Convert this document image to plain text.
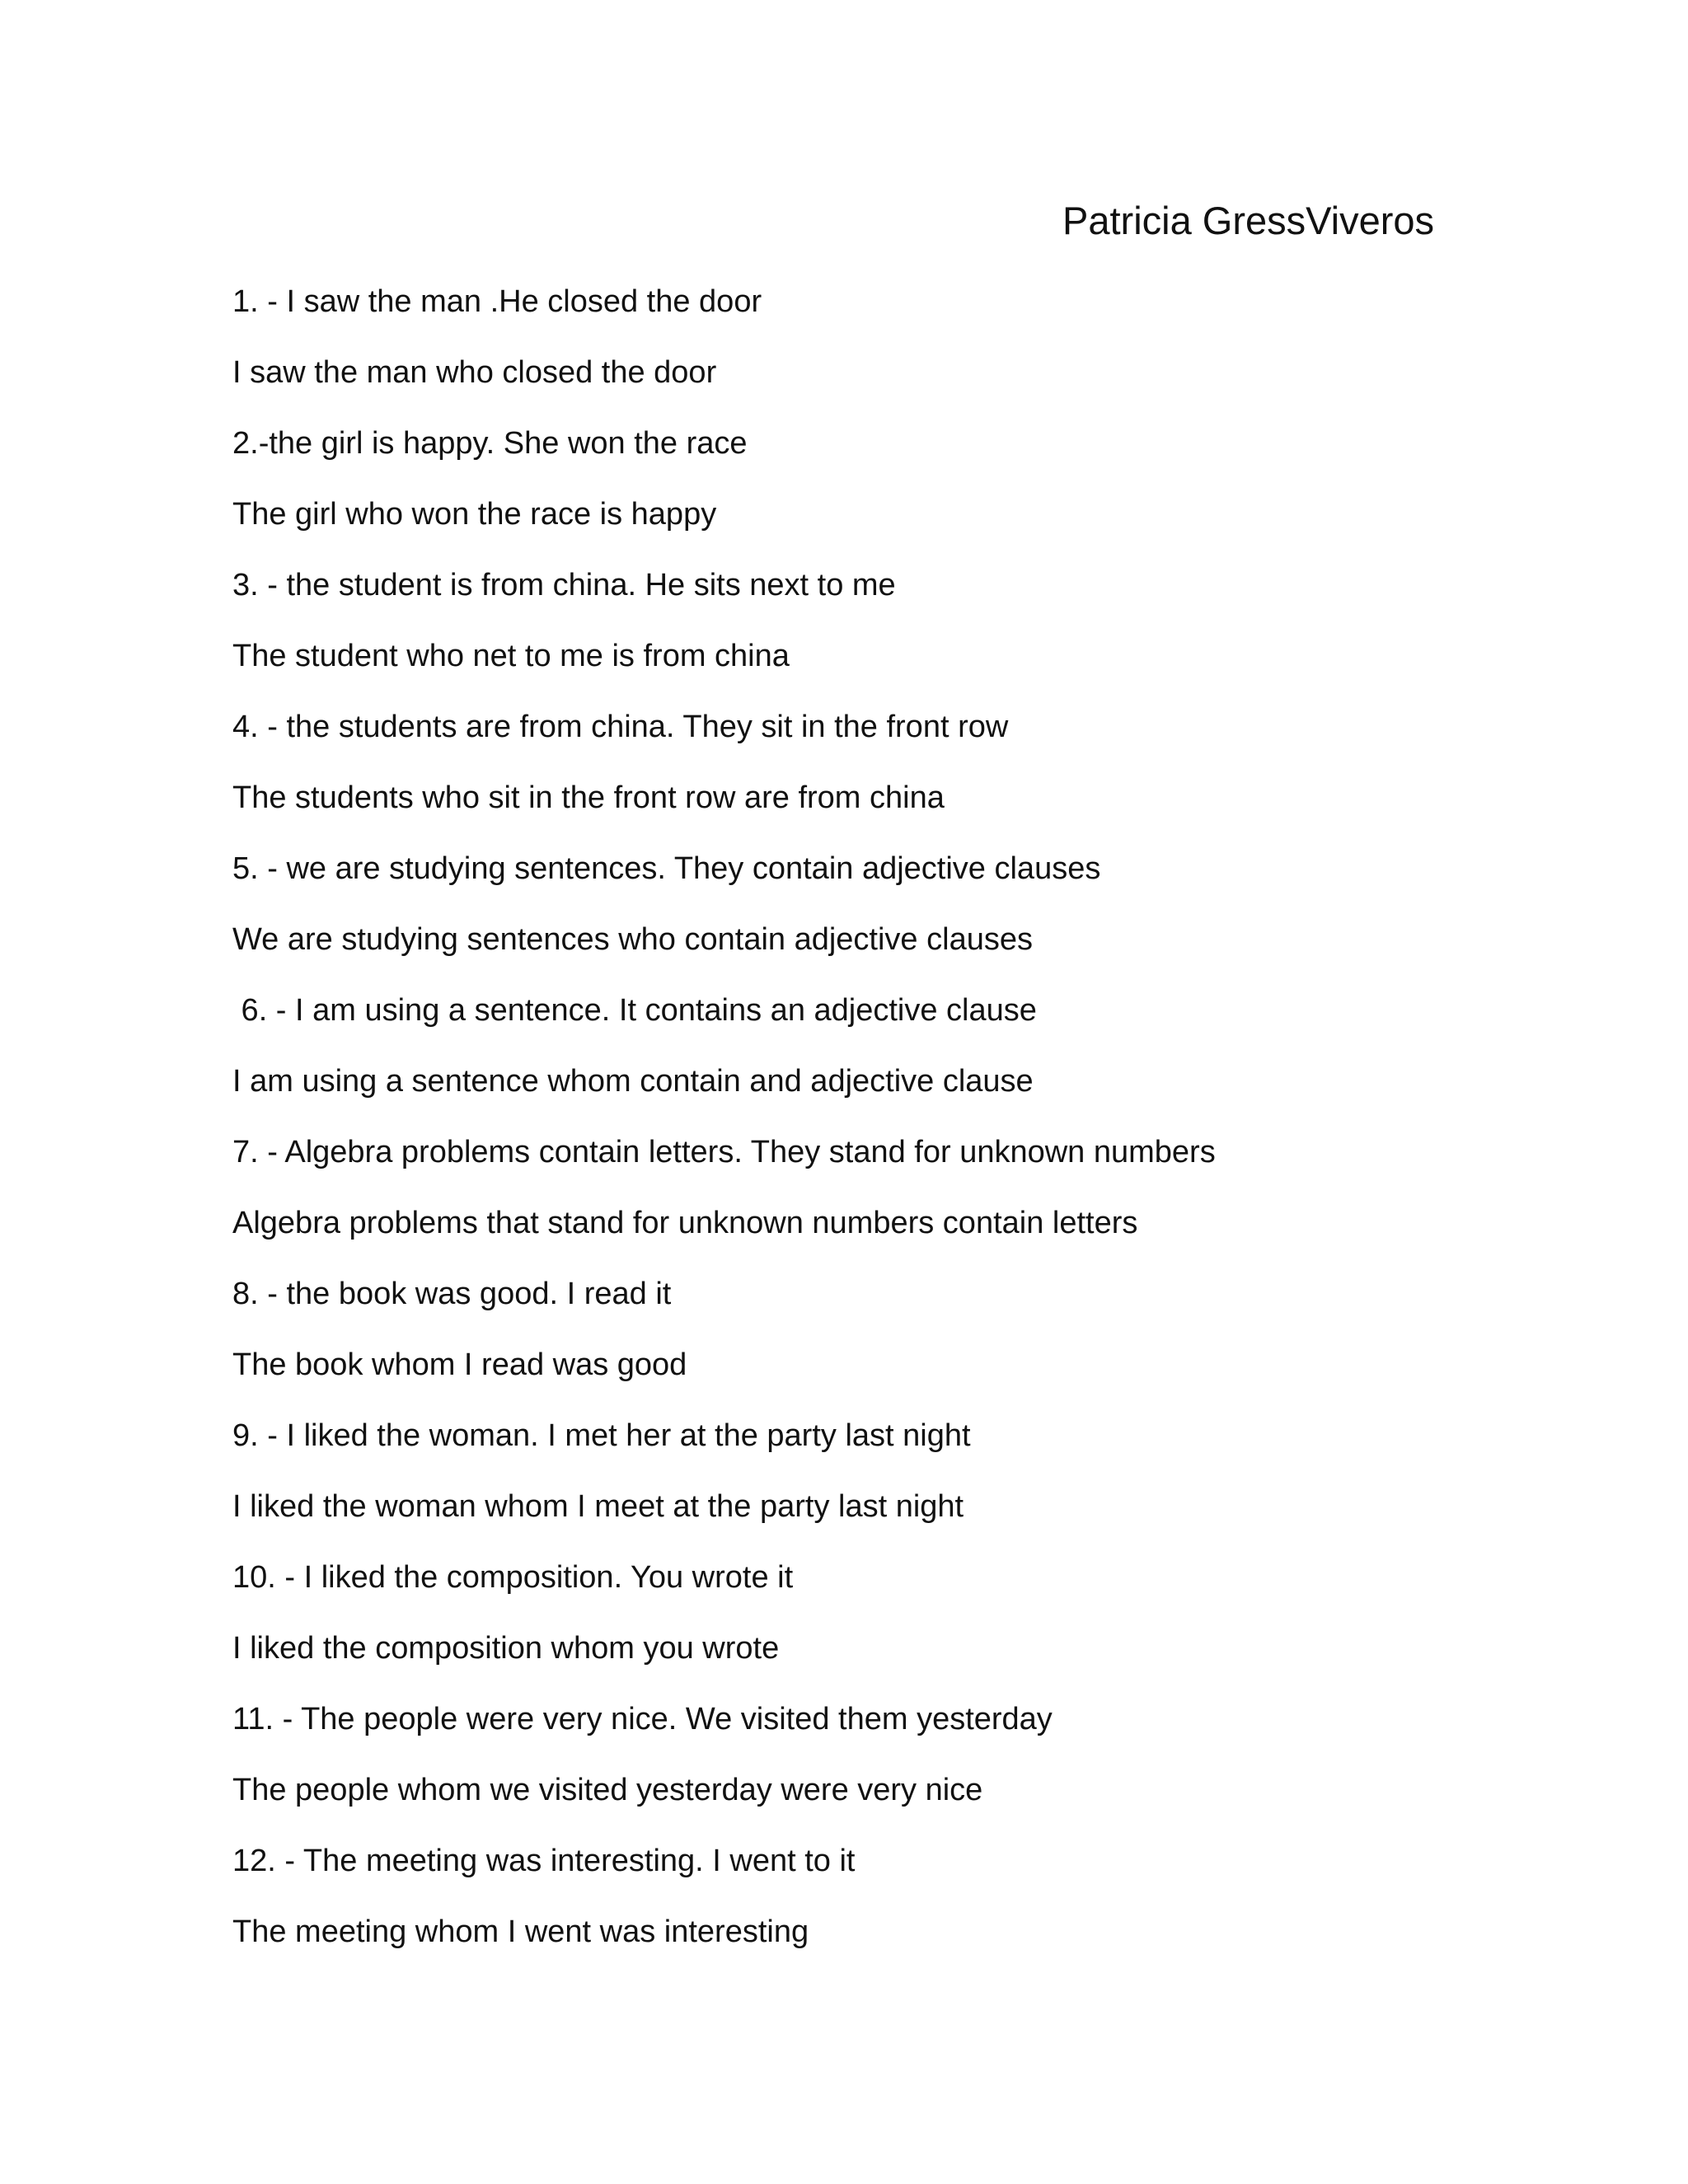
Patricia GressViveros
1. - I saw the man .He closed the door
I saw the man who closed the door
2.-the girl is happy. She won the race
The girl who won the race is happy
3. - the student is from china. He sits next to me
The student who net to me is from china
4. - the students are from china. They sit in the front row
The students who sit in the front row are from china
5. - we are studying sentences. They contain adjective clauses
We are studying sentences who contain adjective clauses
6. - I am using a sentence. It contains an adjective clause
I am using a sentence whom contain and adjective clause
7. - Algebra problems contain letters. They stand for unknown numbers
Algebra problems that stand for unknown numbers contain letters
8. - the book was good. I read it
The book whom I read was good
9. - I liked the woman. I met her at the party last night
I liked the woman whom I meet at the party last night
10. - I liked the composition. You wrote it
I liked the composition whom you wrote
11. - The people were very nice. We visited them yesterday
The people whom we visited yesterday were very nice
12. - The meeting was interesting. I went to it
The meeting whom I went was interesting
